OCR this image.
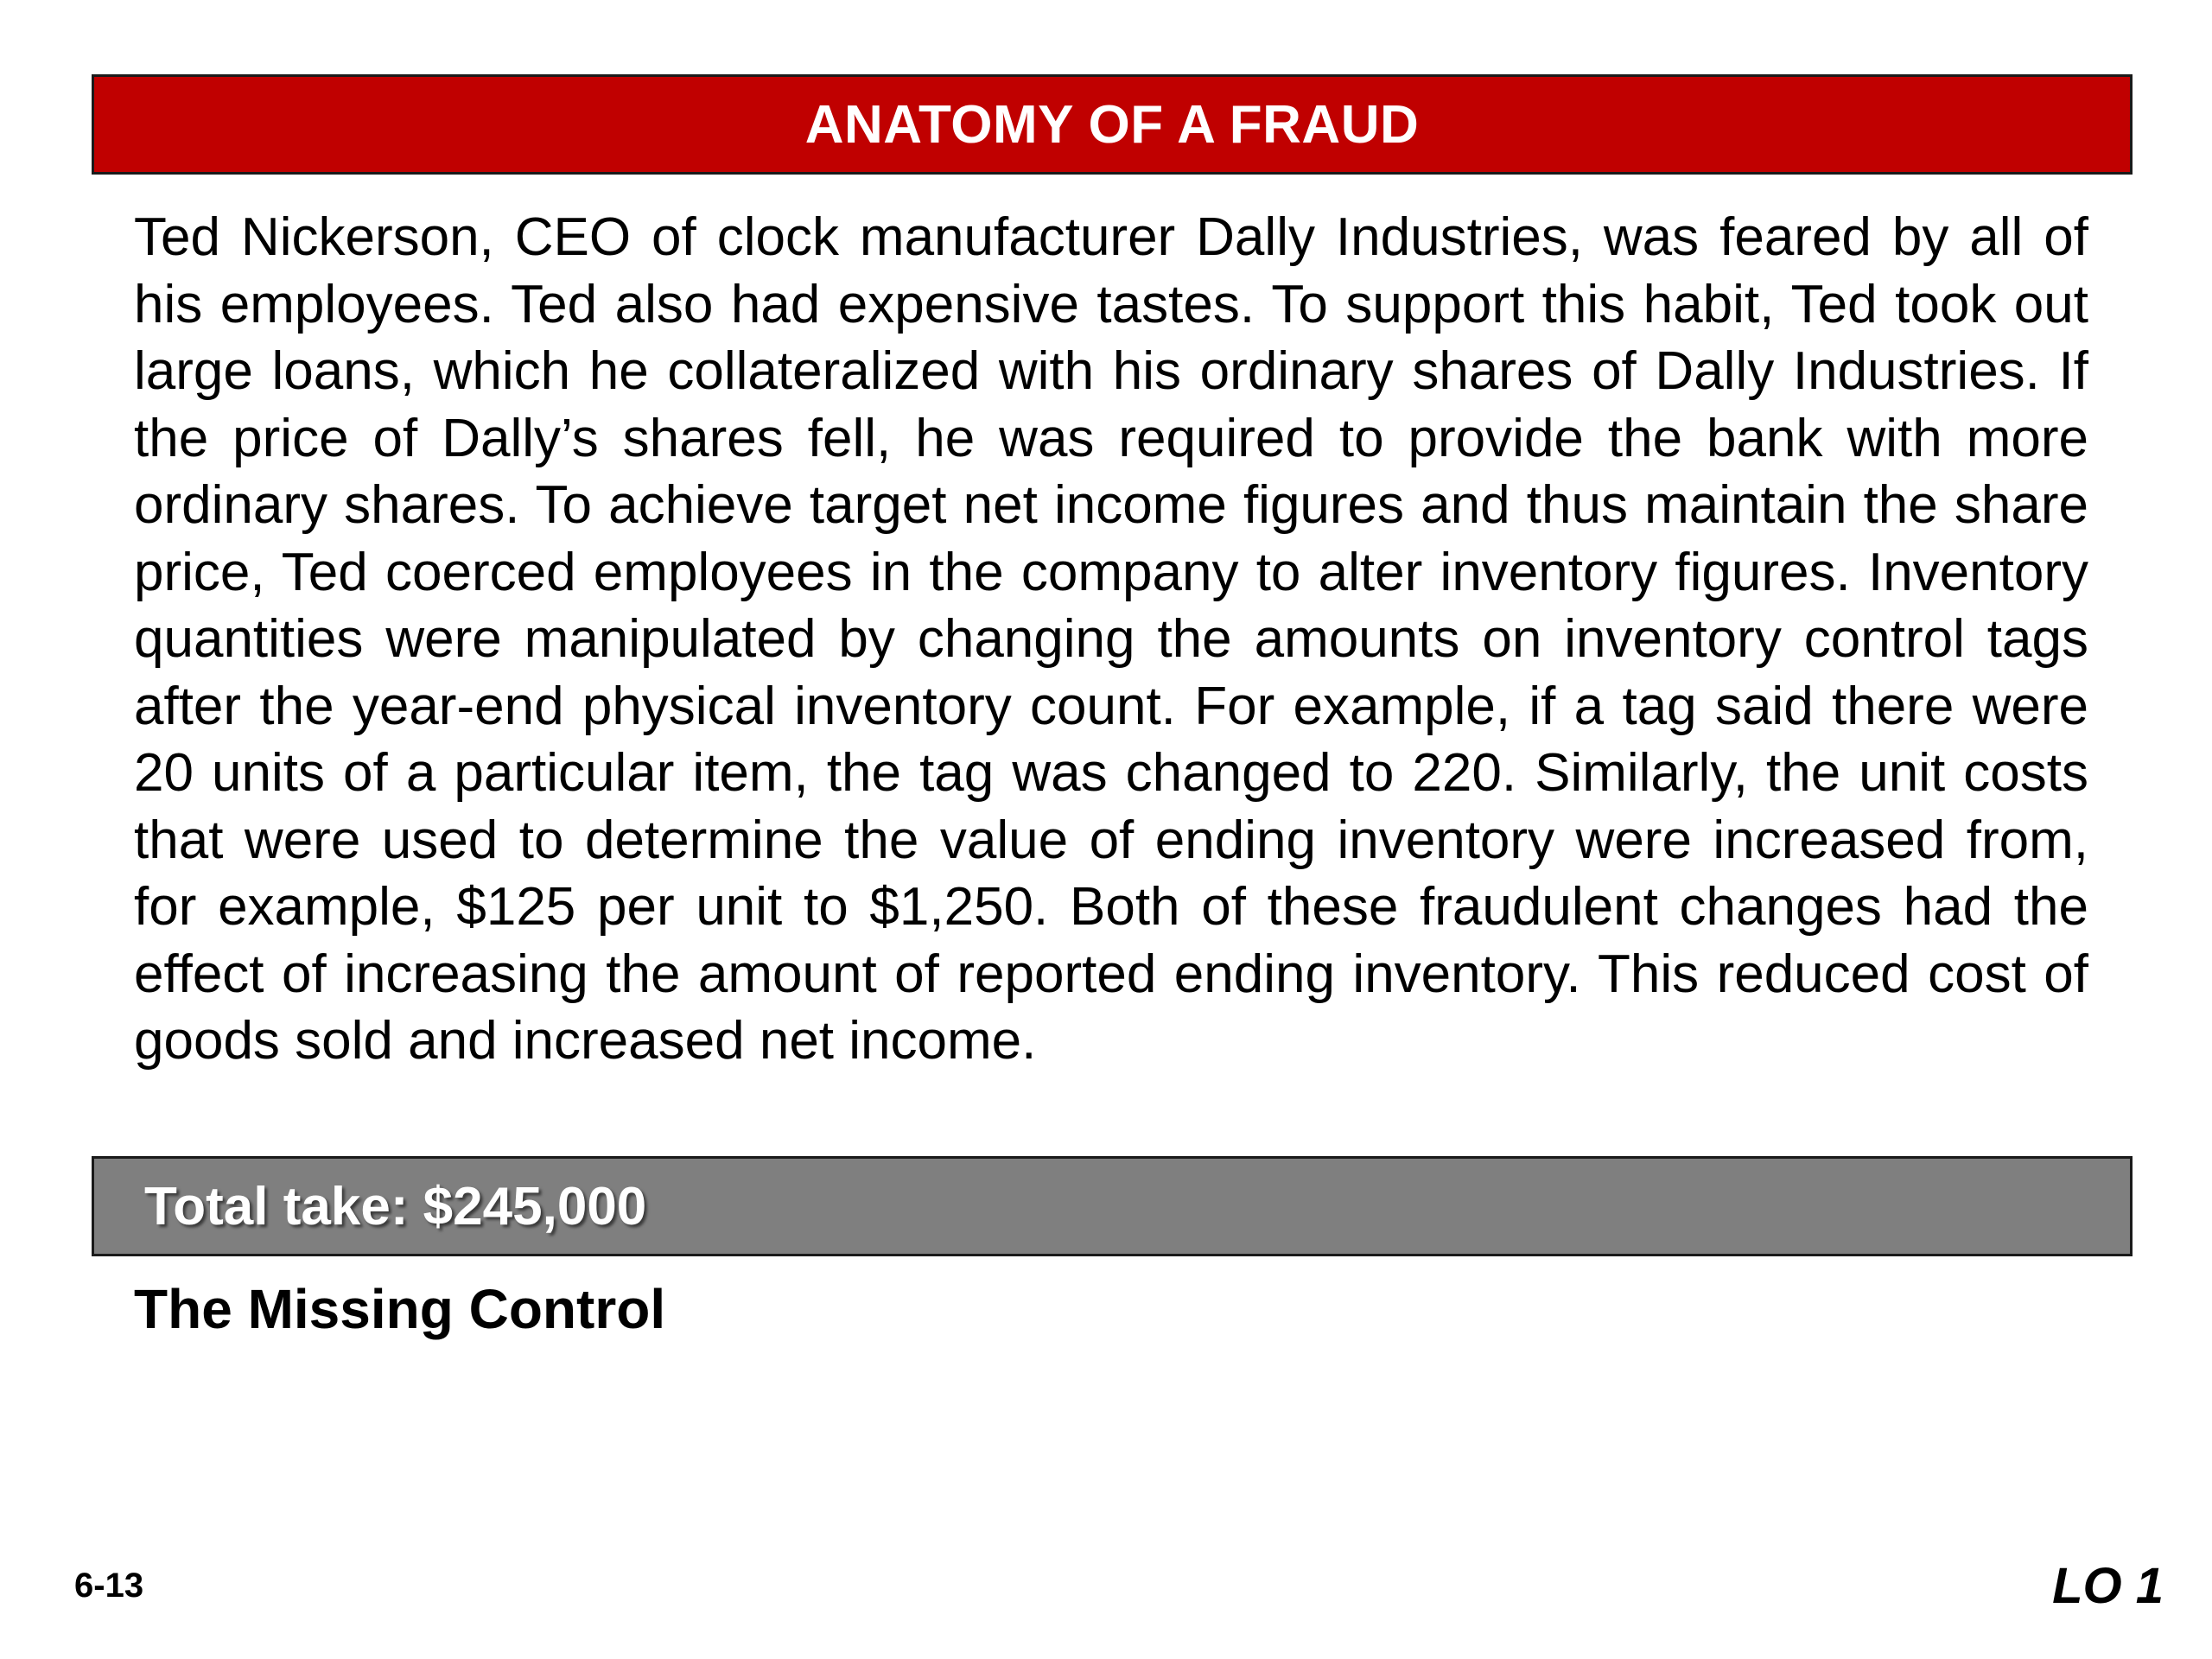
ANATOMY OF A FRAUD

Ted Nickerson, CEO of clock manufacturer Dally Industries, was feared by all of his employees. Ted also had expensive tastes. To support this habit, Ted took out large loans, which he collateralized with his ordinary shares of Dally Industries. If the price of Dally’s shares fell, he was required to provide the bank with more ordinary shares. To achieve target net income figures and thus maintain the share price, Ted coerced employees in the company to alter inventory figures. Inventory quantities were manipulated by changing the amounts on inventory control tags after the year-end physical inventory count. For example, if a tag said there were 20 units of a particular item, the tag was changed to 220. Similarly, the unit costs that were used to determine the value of ending inventory were increased from, for example, $125 per unit to $1,250. Both of these fraudulent changes had the effect of increasing the amount of reported ending inventory. This reduced cost of goods sold and increased net income.

Total take: $245,000
The Missing Control
6-13	LO 1
